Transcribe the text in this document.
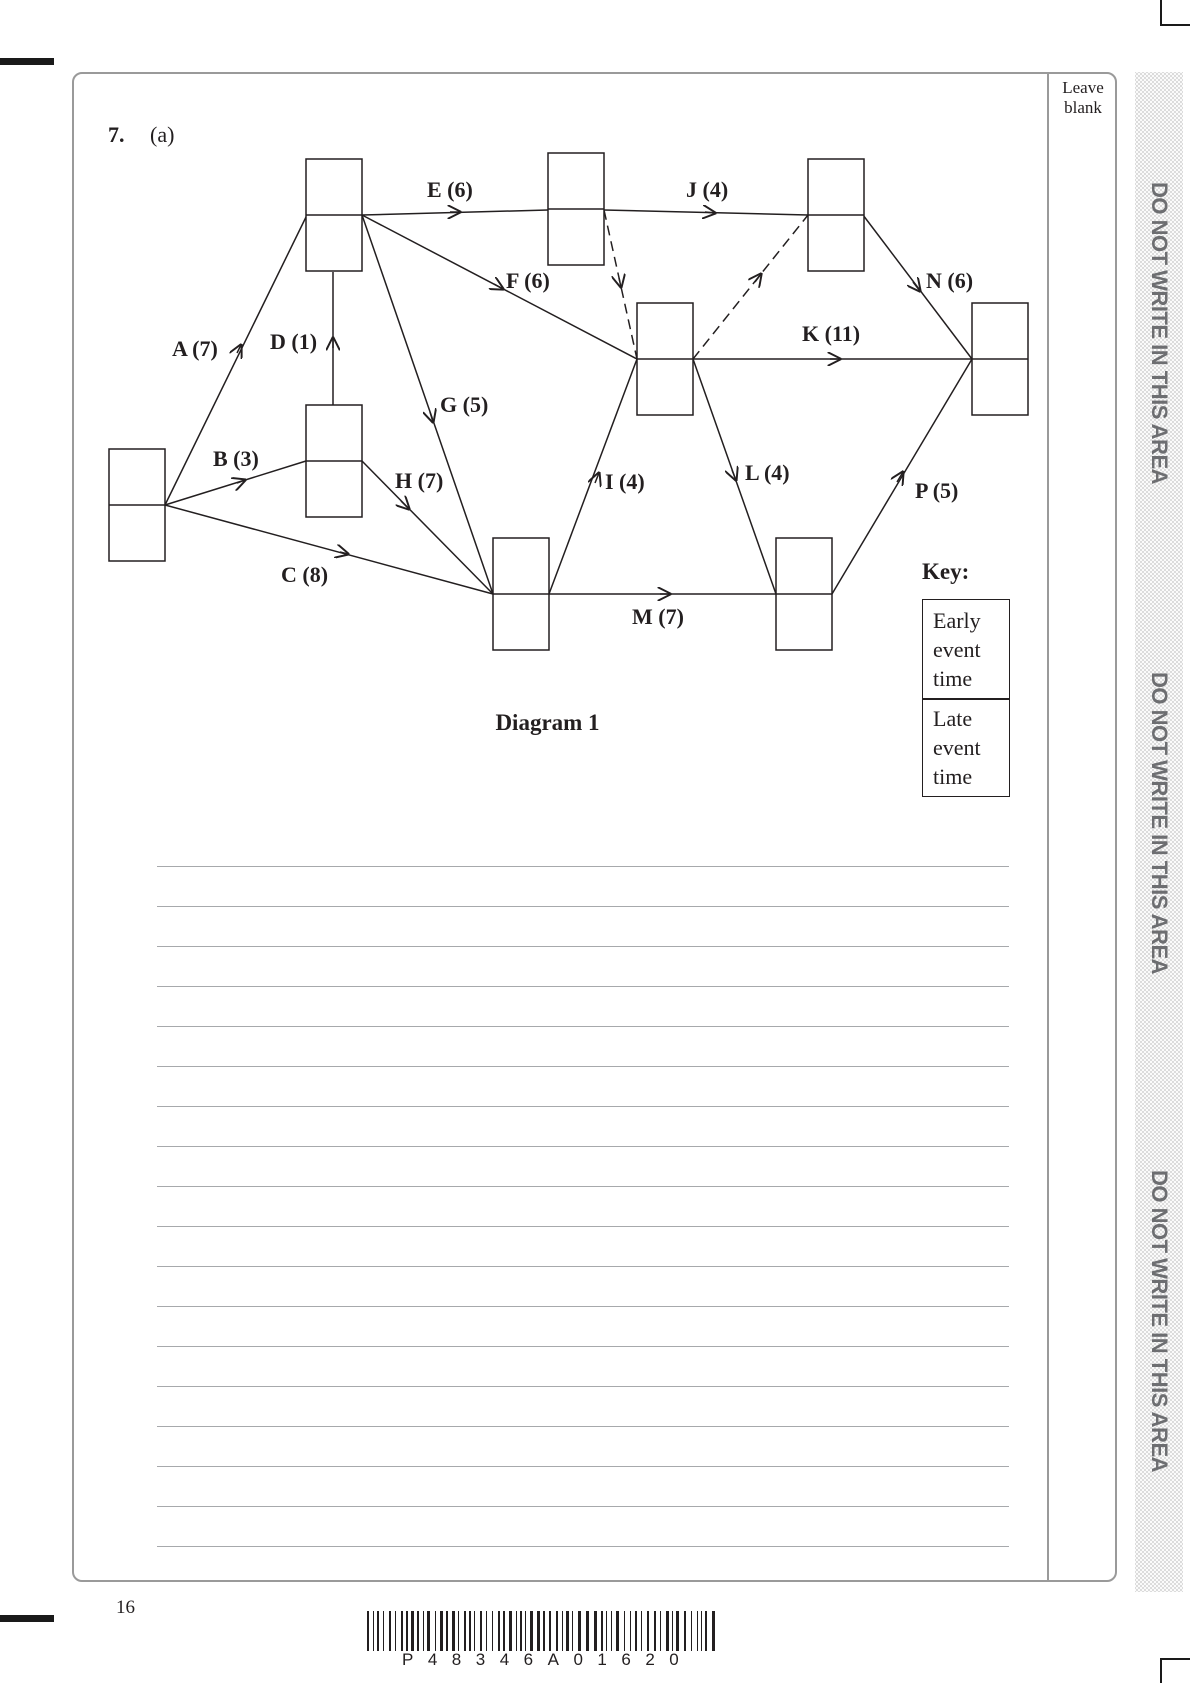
Leave blank
DO NOT WRITE IN THIS AREA
DO NOT WRITE IN THIS AREA
DO NOT WRITE IN THIS AREA
7. (a)
A (7)
B (3)
C (8)
D (1)
E (6)
F (6)
G (5)
H (7)	I (4)
J (4)
K (11)
L (4)
M (7)
N (6)
P (5)
Diagram 1
Key:
Early
event
time
Late
event
time
16
P48346A01620
